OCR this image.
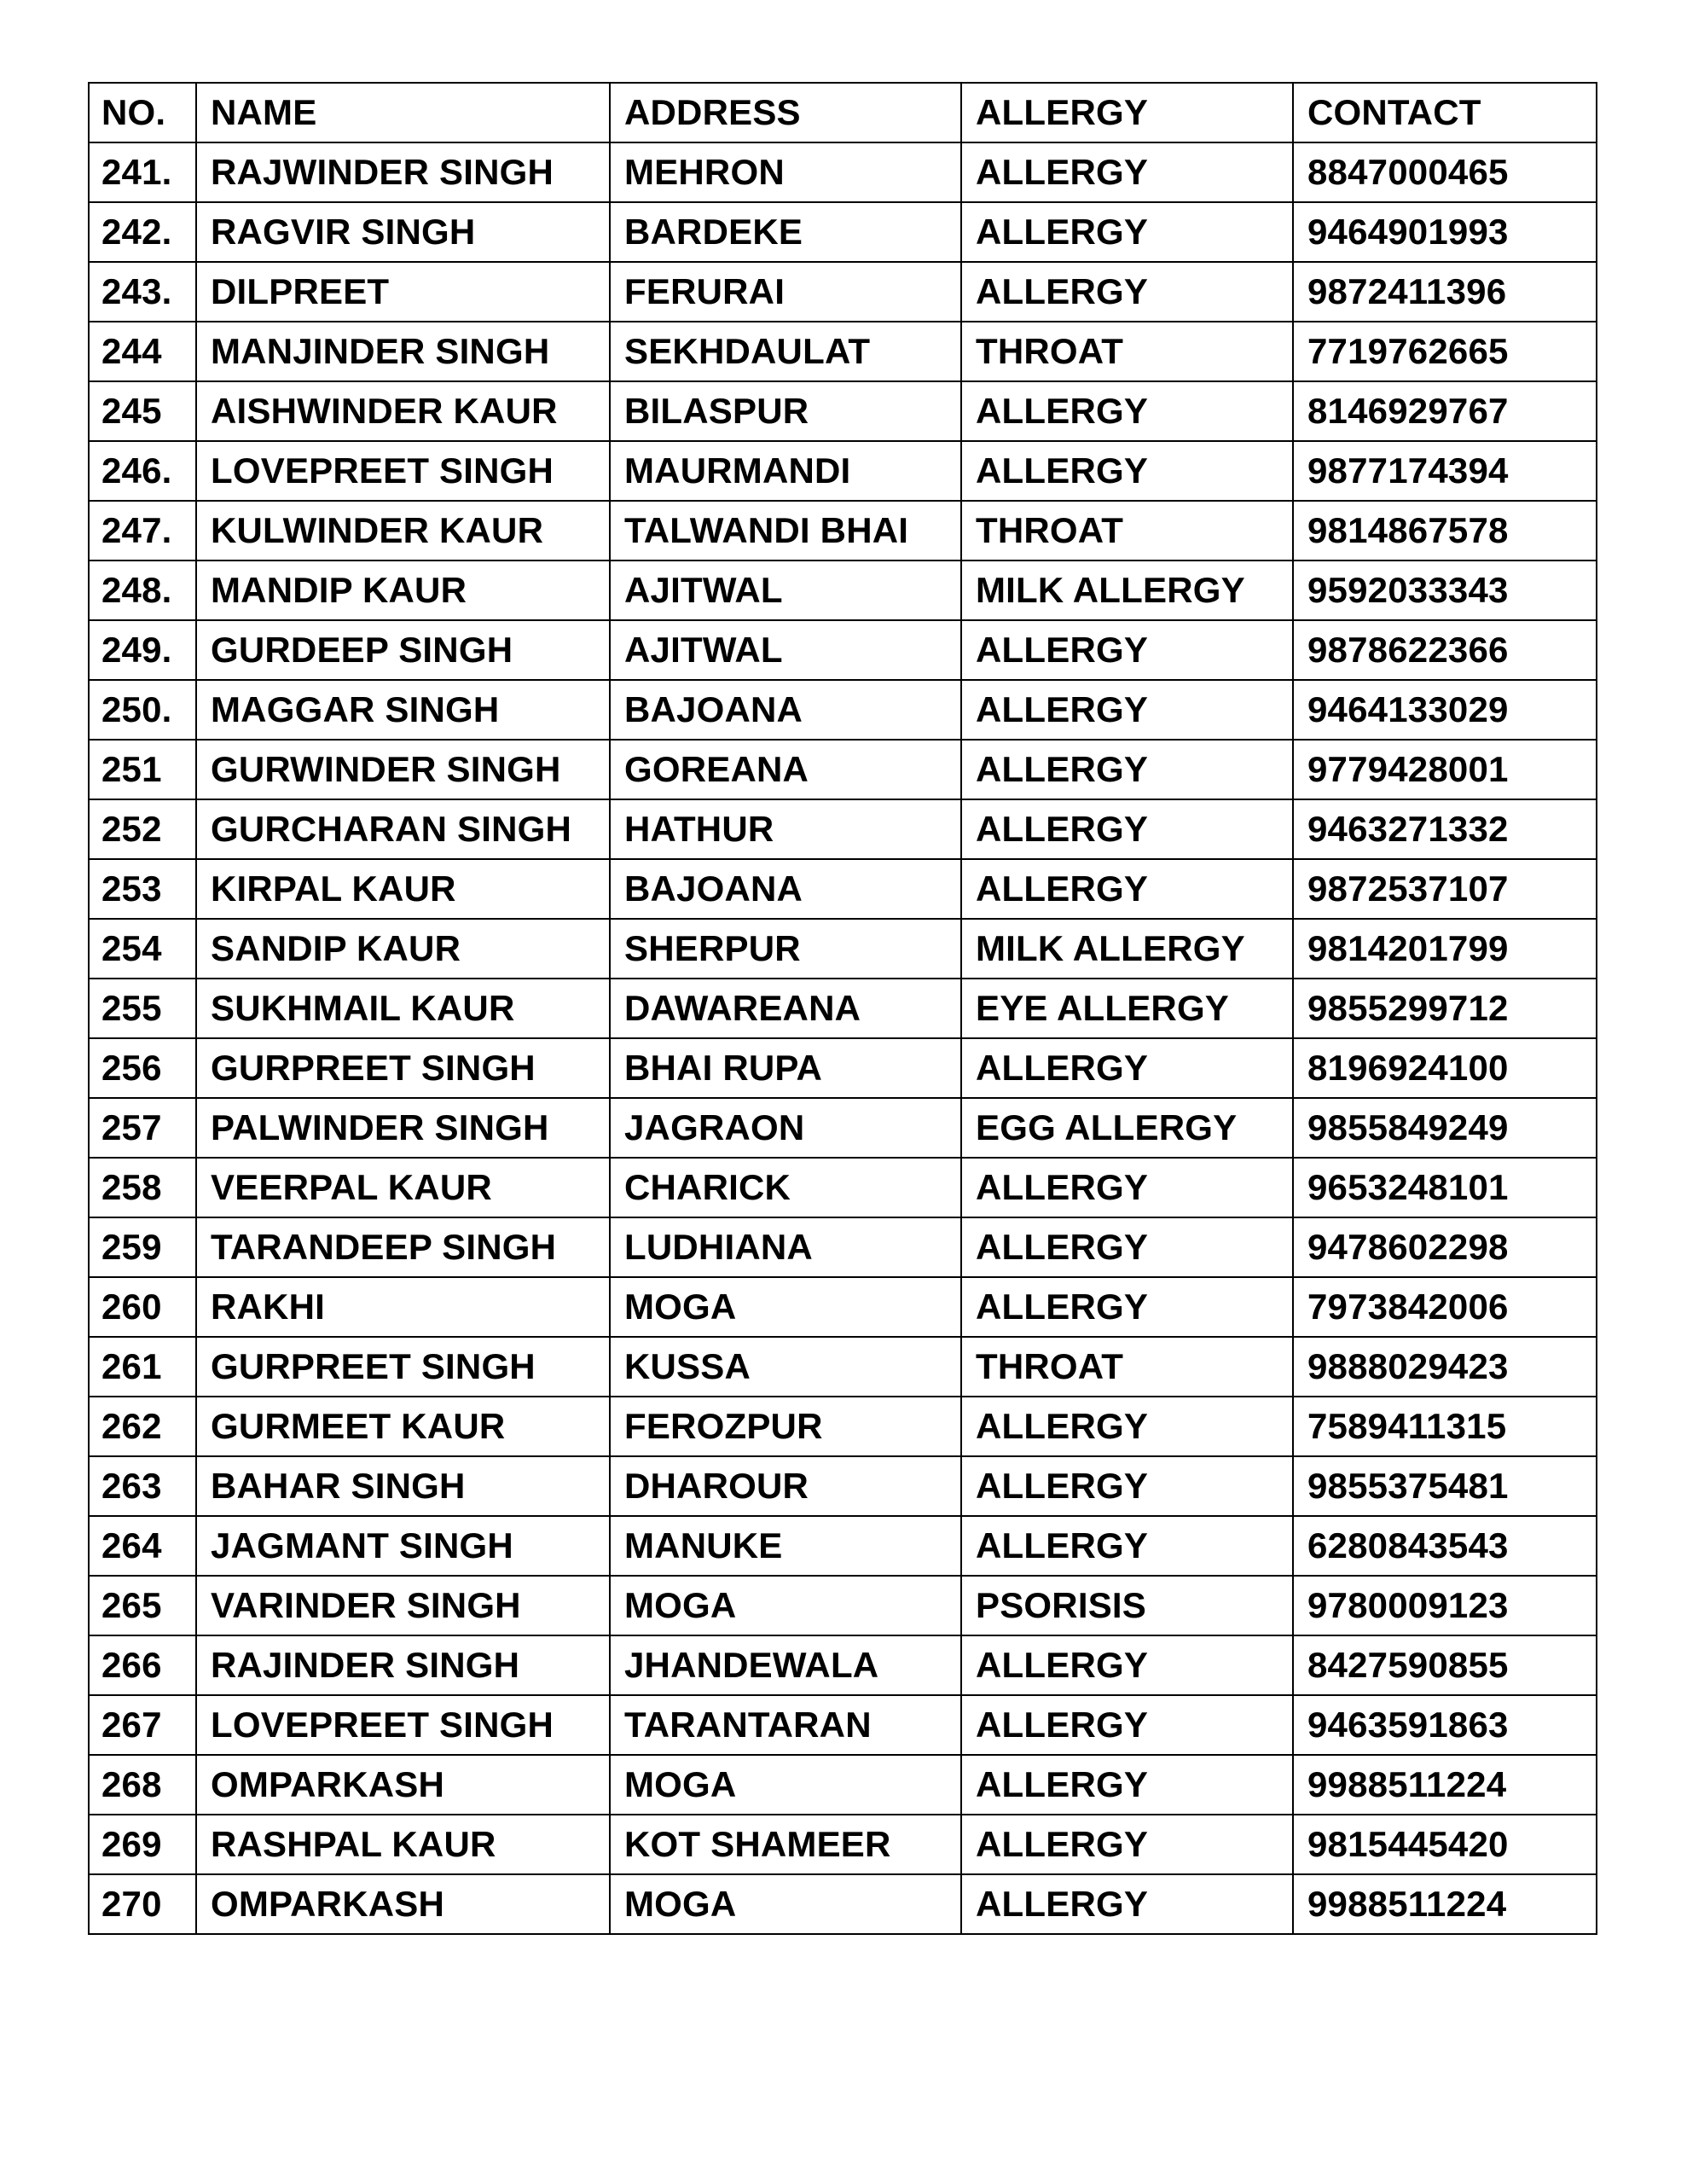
NO.	NAME	ADDRESS	ALLERGY	CONTACT
241.	RAJWINDER SINGH	MEHRON	ALLERGY	8847000465
242.	RAGVIR SINGH	BARDEKE	ALLERGY	9464901993
243.	DILPREET	FERURAI	ALLERGY	9872411396
244	MANJINDER SINGH	SEKHDAULAT	THROAT	7719762665
245	AISHWINDER KAUR	BILASPUR	ALLERGY	8146929767
246.	LOVEPREET SINGH	MAURMANDI	ALLERGY	9877174394
247.	KULWINDER KAUR	TALWANDI BHAI	THROAT	9814867578
248.	MANDIP KAUR	AJITWAL	MILK ALLERGY	9592033343
249.	GURDEEP SINGH	AJITWAL	ALLERGY	9878622366
250.	MAGGAR SINGH	BAJOANA	ALLERGY	9464133029
251	GURWINDER SINGH	GOREANA	ALLERGY	9779428001
252	GURCHARAN SINGH	HATHUR	ALLERGY	9463271332
253	KIRPAL KAUR	BAJOANA	ALLERGY	9872537107
254	SANDIP KAUR	SHERPUR	MILK ALLERGY	9814201799
255	SUKHMAIL KAUR	DAWAREANA	EYE ALLERGY	9855299712
256	GURPREET SINGH	BHAI RUPA	ALLERGY	8196924100
257	PALWINDER SINGH	JAGRAON	EGG ALLERGY	9855849249
258	VEERPAL KAUR	CHARICK	ALLERGY	9653248101
259	TARANDEEP SINGH	LUDHIANA	ALLERGY	9478602298
260	RAKHI	MOGA	ALLERGY	7973842006
261	GURPREET SINGH	KUSSA	THROAT	9888029423
262	GURMEET KAUR	FEROZPUR	ALLERGY	7589411315
263	BAHAR SINGH	DHAROUR	ALLERGY	9855375481
264	JAGMANT SINGH	MANUKE	ALLERGY	6280843543
265	VARINDER SINGH	MOGA	PSORISIS	9780009123
266	RAJINDER SINGH	JHANDEWALA	ALLERGY	8427590855
267	LOVEPREET SINGH	TARANTARAN	ALLERGY	9463591863
268	OMPARKASH	MOGA	ALLERGY	9988511224
269	RASHPAL KAUR	KOT SHAMEER	ALLERGY	9815445420
270	OMPARKASH	MOGA	ALLERGY	9988511224
